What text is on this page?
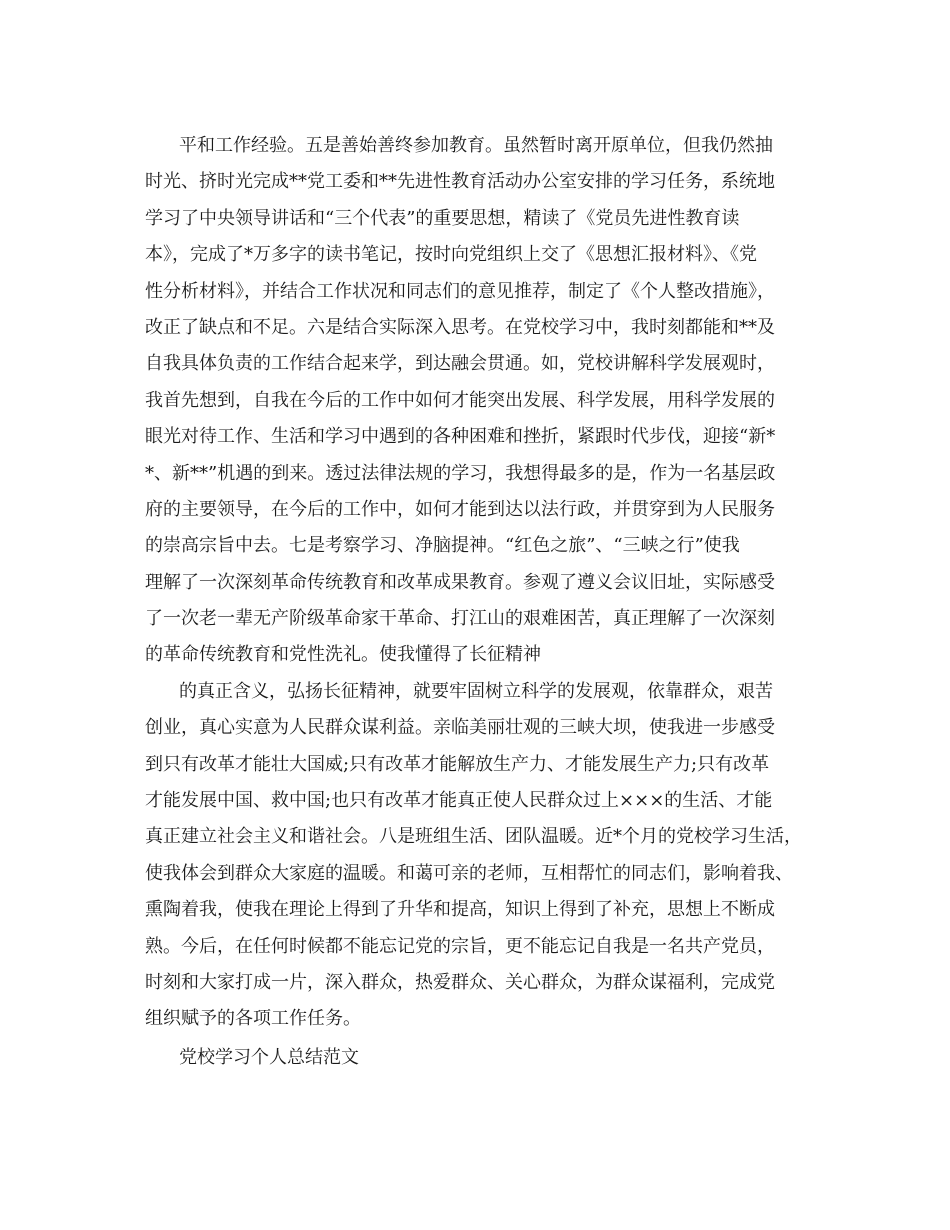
平和工作经验。五是善始善终参加教育。虽然暂时离开原单位，但我仍然抽
时光、挤时光完成**党工委和**先进性教育活动办公室安排的学习任务，系统地
学习了中央领导讲话和“三个代表”的重要思想，精读了《党员先进性教育读
本》，完成了*万多字的读书笔记，按时向党组织上交了《思想汇报材料》、《党
性分析材料》，并结合工作状况和同志们的意见推荐，制定了《个人整改措施》，
改正了缺点和不足。六是结合实际深入思考。在党校学习中，我时刻都能和**及
自我具体负责的工作结合起来学，到达融会贯通。如，党校讲解科学发展观时，
我首先想到，自我在今后的工作中如何才能突出发展、科学发展，用科学发展的
眼光对待工作、生活和学习中遇到的各种困难和挫折，紧跟时代步伐，迎接“新*
*、新**”机遇的到来。透过法律法规的学习，我想得最多的是，作为一名基层政
府的主要领导，在今后的工作中，如何才能到达以法行政，并贯穿到为人民服务
的崇高宗旨中去。七是考察学习、净脑提神。“红色之旅”、“三峡之行”使我
理解了一次深刻革命传统教育和改革成果教育。参观了遵义会议旧址，实际感受
了一次老一辈无产阶级革命家干革命、打江山的艰难困苦，真正理解了一次深刻
的革命传统教育和党性洗礼。使我懂得了长征精神
的真正含义，弘扬长征精神，就要牢固树立科学的发展观，依靠群众，艰苦
创业，真心实意为人民群众谋利益。亲临美丽壮观的三峡大坝，使我进一步感受
到只有改革才能壮大国威;只有改革才能解放生产力、才能发展生产力;只有改革
才能发展中国、救中国;也只有改革才能真正使人民群众过上×××的生活、才能
真正建立社会主义和谐社会。八是班组生活、团队温暖。近*个月的党校学习生活，
使我体会到群众大家庭的温暖。和蔼可亲的老师，互相帮忙的同志们，影响着我、
熏陶着我，使我在理论上得到了升华和提高，知识上得到了补充，思想上不断成
熟。今后，在任何时候都不能忘记党的宗旨，更不能忘记自我是一名共产党员，
时刻和大家打成一片，深入群众，热爱群众、关心群众，为群众谋福利，完成党
组织赋予的各项工作任务。
党校学习个人总结范文
